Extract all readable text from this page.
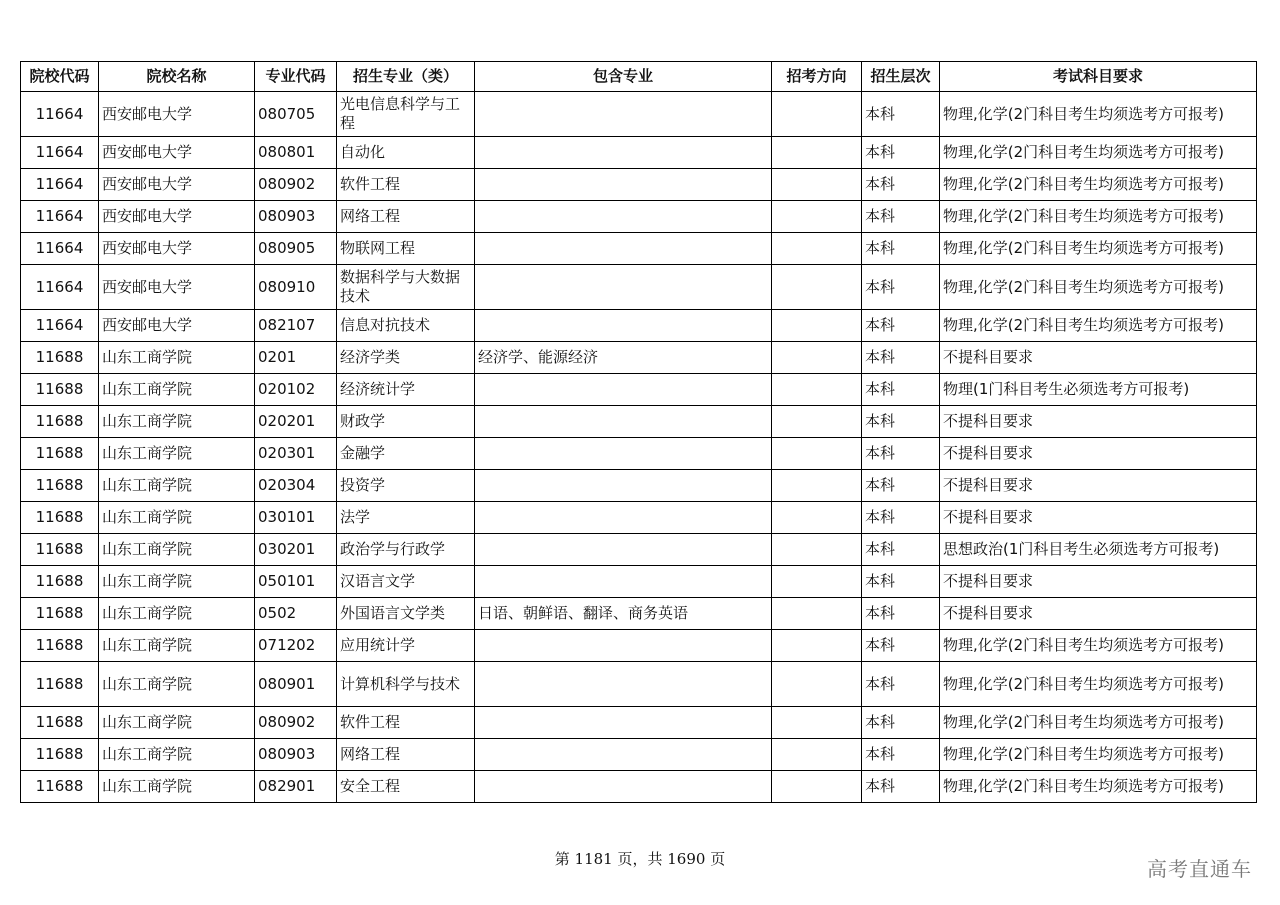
院校代码	院校名称	专业代码	招生专业（类）	包含专业	招考方向	招生层次	考试科目要求
11664	西安邮电大学	080705	光电信息科学与工程			本科	物理,化学(2门科目考生均须选考方可报考)
11664	西安邮电大学	080801	自动化			本科	物理,化学(2门科目考生均须选考方可报考)
11664	西安邮电大学	080902	软件工程			本科	物理,化学(2门科目考生均须选考方可报考)
11664	西安邮电大学	080903	网络工程			本科	物理,化学(2门科目考生均须选考方可报考)
11664	西安邮电大学	080905	物联网工程			本科	物理,化学(2门科目考生均须选考方可报考)
11664	西安邮电大学	080910	数据科学与大数据技术			本科	物理,化学(2门科目考生均须选考方可报考)
11664	西安邮电大学	082107	信息对抗技术			本科	物理,化学(2门科目考生均须选考方可报考)
11688	山东工商学院	0201	经济学类	经济学、能源经济		本科	不提科目要求
11688	山东工商学院	020102	经济统计学			本科	物理(1门科目考生必须选考方可报考)
11688	山东工商学院	020201	财政学			本科	不提科目要求
11688	山东工商学院	020301	金融学			本科	不提科目要求
11688	山东工商学院	020304	投资学			本科	不提科目要求
11688	山东工商学院	030101	法学			本科	不提科目要求
11688	山东工商学院	030201	政治学与行政学			本科	思想政治(1门科目考生必须选考方可报考)
11688	山东工商学院	050101	汉语言文学			本科	不提科目要求
11688	山东工商学院	0502	外国语言文学类	日语、朝鲜语、翻译、商务英语		本科	不提科目要求
11688	山东工商学院	071202	应用统计学			本科	物理,化学(2门科目考生均须选考方可报考)
11688	山东工商学院	080901	计算机科学与技术			本科	物理,化学(2门科目考生均须选考方可报考)
11688	山东工商学院	080902	软件工程			本科	物理,化学(2门科目考生均须选考方可报考)
11688	山东工商学院	080903	网络工程			本科	物理,化学(2门科目考生均须选考方可报考)
11688	山东工商学院	082901	安全工程			本科	物理,化学(2门科目考生均须选考方可报考)
第 1181 页，共 1690 页	高考直通车
